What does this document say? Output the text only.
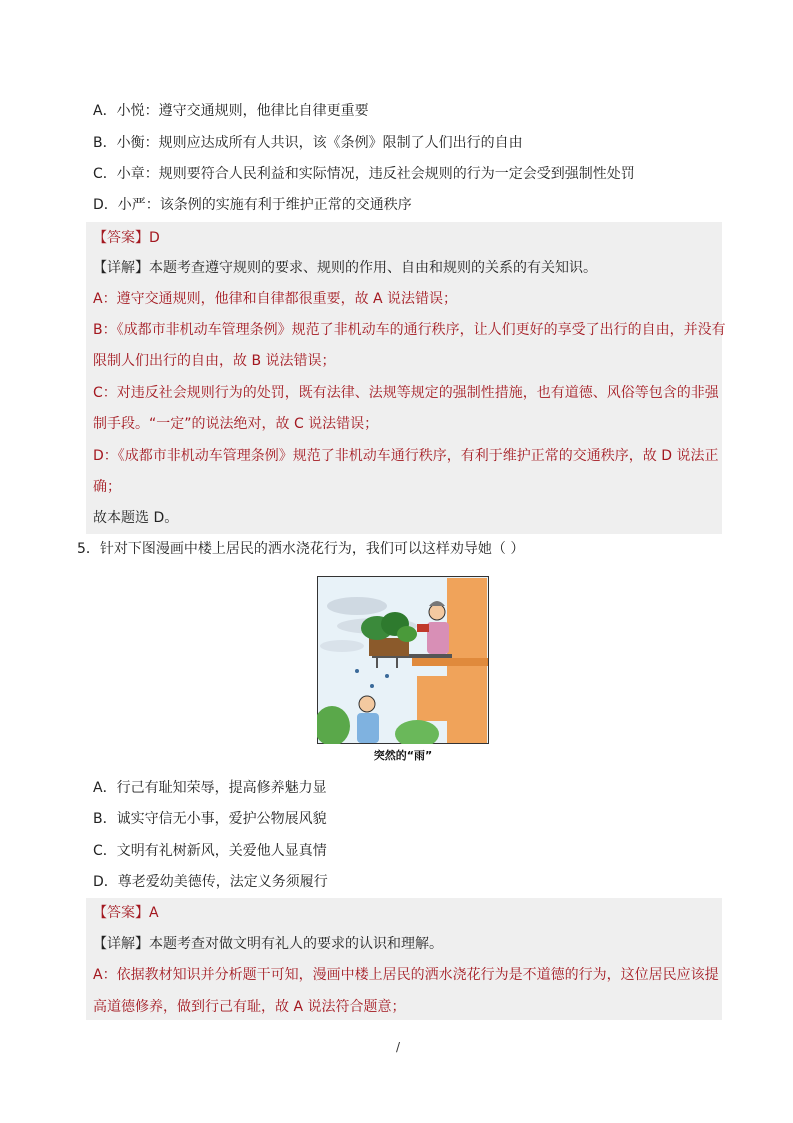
A．小悦：遵守交通规则，他律比自律更重要
B．小衡：规则应达成所有人共识，该《条例》限制了人们出行的自由
C．小章：规则要符合人民利益和实际情况，违反社会规则的行为一定会受到强制性处罚
D．小严：该条例的实施有利于维护正常的交通秩序
【答案】D
【详解】本题考查遵守规则的要求、规则的作用、自由和规则的关系的有关知识。
A：遵守交通规则，他律和自律都很重要，故 A 说法错误；
B：《成都市非机动车管理条例》规范了非机动车的通行秩序，让人们更好的享受了出行的自由，并没有
限制人们出行的自由，故 B 说法错误；
C：对违反社会规则行为的处罚，既有法律、法规等规定的强制性措施，也有道德、风俗等包含的非强
制手段。“一定”的说法绝对，故 C 说法错误；
D：《成都市非机动车管理条例》规范了非机动车通行秩序，有利于维护正常的交通秩序，故 D 说法正
确；
故本题选 D。
5．针对下图漫画中楼上居民的洒水浇花行为，我们可以这样劝导她（ ）
突然的“雨”
A．行己有耻知荣辱，提高修养魅力显
B．诚实守信无小事，爱护公物展风貌
C．文明有礼树新风，关爱他人显真情
D．尊老爱幼美德传，法定义务须履行
【答案】A
【详解】本题考查对做文明有礼人的要求的认识和理解。
A：依据教材知识并分析题干可知，漫画中楼上居民的洒水浇花行为是不道德的行为，这位居民应该提
高道德修养，做到行己有耻，故 A 说法符合题意；
/
